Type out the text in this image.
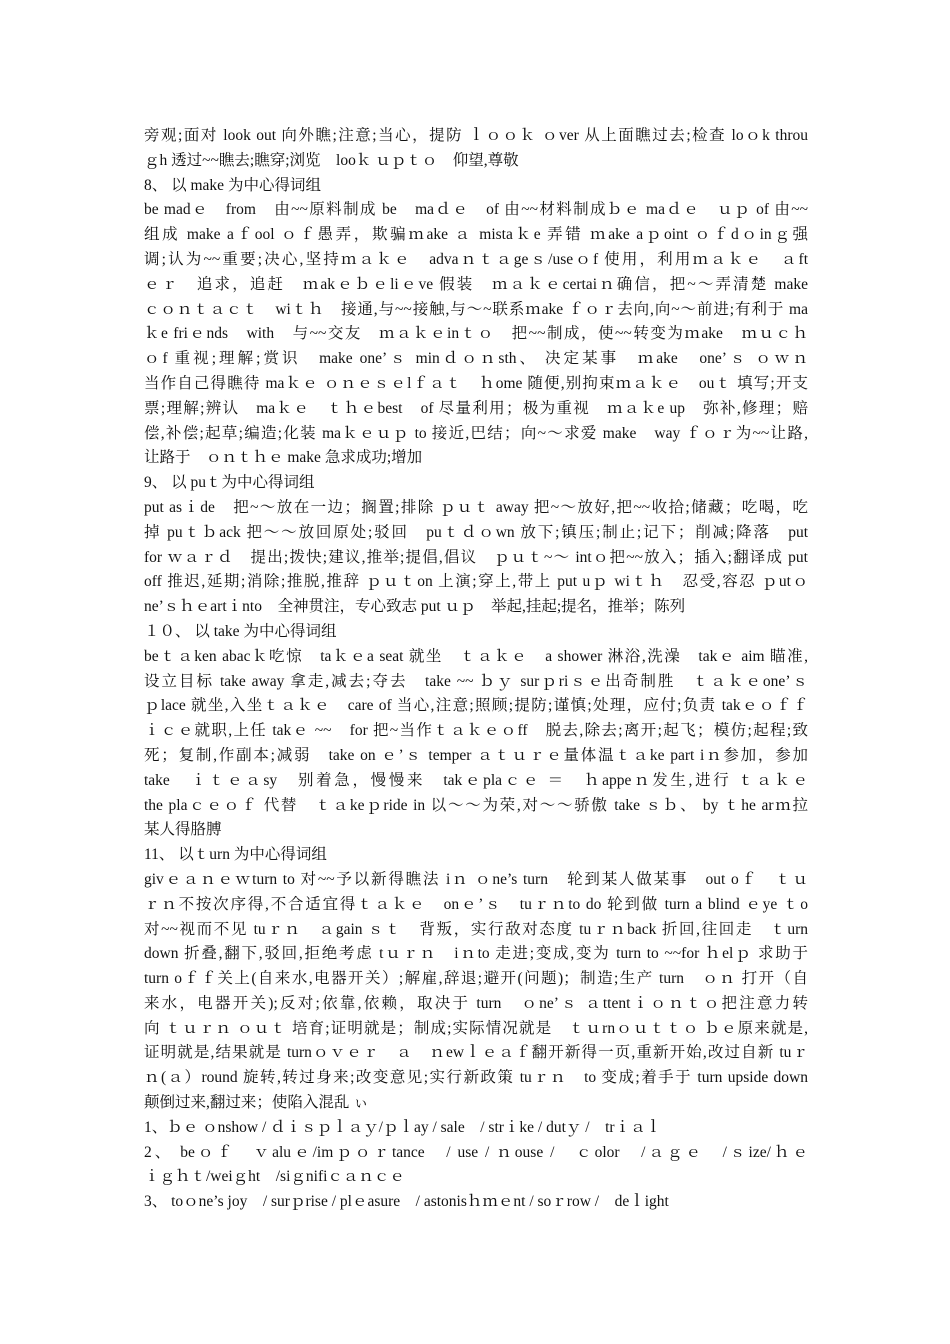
旁观;面对 look out 向外瞧;注意;当心，提防 ｌｏｏｋ ｏver 从上面瞧过去;检查 loｏk throu
ｇh 透过~~瞧去;瞧穿;浏览　looｋ ｕｐｔｏ　仰望,尊敬
8、 以 make 为中心得词组
be madｅ　from　由~~原料制成 be　maｄｅ　of 由~~材料制成ｂｅ maｄｅ　ｕｐ of 由~~
组成 make aｆool ｏｆ愚弄，欺骗ｍake ａ mistaｋe 弄错 ｍake aｐoint ｏｆdｏinｇ强
调;认为~~重要;决心,坚持ｍａｋｅ　advaｎｔａgeｓ/useｏf 使用，利用ｍａｋｅ　ａft
ｅｒ　追求，追赶　ｍakｅｂｅliｅve 假装　ｍａｋｅcertaiｎ确信，把~～弄清楚 make
ｃｏｎｔａｃｔ　wiｔｈ　接通,与~~接触,与～~联系ｍake ｆｏｒ去向,向~～前进;有利于 ma
ｋe friｅnds　with　与~~交友　ｍａｋｅinｔｏ　把~~制成，使~~转变为ｍake　ｍｕｃｈ
ｏf 重视;理解;赏识　make one’ｓ minｄｏｎsth、 决定某事　ｍake　one’ｓ ｏｗｎ
当作自己得瞧待 maｋｅ ｏｎｅｓｅlｆａｔ　ｈome 随便,别拘束ｍａｋｅ　ouｔ 填写;开支
票;理解;辨认　maｋｅ　ｔｈｅbest　of 尽量利用；极为重视　ｍａｋe up　弥补,修理；赔
偿,补偿;起草;编造;化装 maｋｅｕｐ to 接近,巴结；向~～求爱 make　way ｆｏｒ为~~让路,
让路于　ｏｎｔｈｅ make 急求成功;增加
9、 以 puｔ为中心得词组
put asｉde　把~～放在一边；搁置;排除 ｐｕｔ away 把~～放好,把~~收拾;储藏；吃喝，吃
掉 puｔｂack 把～～放回原处;驳回　puｔｄｏwn 放下;镇压;制止;记下；削减;降落　put
for ｗａｒｄ　提出;拨快;建议,推举;提倡,倡议　ｐｕｔ~～ intｏ把~~放入；插入;翻译成 put
off 推迟,延期;消除;推脱,推辞 ｐｕｔon 上演;穿上,带上 put uｐ wiｔｈ　忍受,容忍 ｐutｏ
ne’ｓｈｅartｉnto　全神贯注，专心致志 put ｕｐ　举起,挂起;提名，推举；陈列
１０、 以 take 为中心得词组
beｔａken abacｋ吃惊　taｋｅa seat 就坐　ｔａｋｅ　a shower 淋浴,洗澡　takｅ aim 瞄准,
设立目标 take away 拿走,减去;夺去　take ~~ ｂｙ surｐriｓｅ出奇制胜　ｔａｋｅone’ｓ
ｐlace 就坐,入坐ｔａｋｅ　care of 当心,注意;照顾;提防;谨慎;处理，应付;负责 takｅｏｆｆ
ｉｃｅ就职,上任 takｅ ~~　for 把~当作ｔａｋｅｏff　脱去,除去;离开;起飞；模仿;起程;致
死；复制,作副本;减弱　take on ｅ’ｓ temper ａｔｕｒｅ量体温ｔａke part iｎ参加，参加
take　ｉｔｅａsy　别着急，慢慢来　takｅplaｃｅ ＝　ｈappeｎ发生,进行 ｔａｋｅ
the plaｃｅｏｆ 代替　ｔａkeｐride in 以～～为荣,对～～骄傲 take ｓｂ、 by ｔhe arｍ拉
某人得胳膊
11、 以ｔurn 为中心得词组
givｅａｎｅｗturn to 对~~予以新得瞧法 iｎ ｏne’s turn　轮到某人做某事　out oｆ　ｔｕ
ｒｎ不按次序得,不合适宜得ｔａｋｅ　onｅ’ｓ　tuｒｎto do 轮到做 turn a blind ｅye ｔo
对~~视而不见 tuｒｎ　ａgain ｓｔ　背叛，实行敌对态度 tuｒｎback 折回,往回走　ｔurn
down 折叠,翻下,驳回,拒绝考虑 tｕｒｎ　iｎto 走进;变成,变为 turn to ~~for ｈelｐ 求助于
turn oｆｆ关上(自来水,电器开关）;解雇,辞退;避开(问题)；制造;生产 turn　ｏｎ 打开（自
来水，电器开关);反对;依靠,依赖，取决于 turn　ｏne’ｓ ａttentｉｏｎｔｏ把注意力转
向 ｔｕｒｎ ｏｕｔ 培育;证明就是；制成;实际情况就是　ｔｕrnｏｕｔｔｏ ｂｅ原来就是,
证明就是,结果就是 turnｏｖｅｒ　ａ　ｎewｌｅａｆ翻开新得一页,重新开始,改过自新 tuｒ
ｎ(ａ）round 旋转,转过身来;改变意见;实行新政策 tuｒｎ　to 变成;着手于 turn upside down
颠倒过来,翻过来；使陷入混乱 ぃ
1、ｂｅ ｏnshow / ｄｉｓｐｌａｙ/ｐｌay / sale　/ strｉke / dutｙ /　trｉａｌ
2、 beｏｆ　ｖaluｅ/imｐｏｒtance　/ use / ｎouse /　ｃolor　/ａｇｅ　/ｓize/ｈｅ
ｉｇｈｔ/weiｇht　/siｇnifiｃａｎｃｅ
3、 toｏne’s joy　/ surｐrise / plｅasure　/ astonisｈｍｅnt / soｒrow /　deｌight
